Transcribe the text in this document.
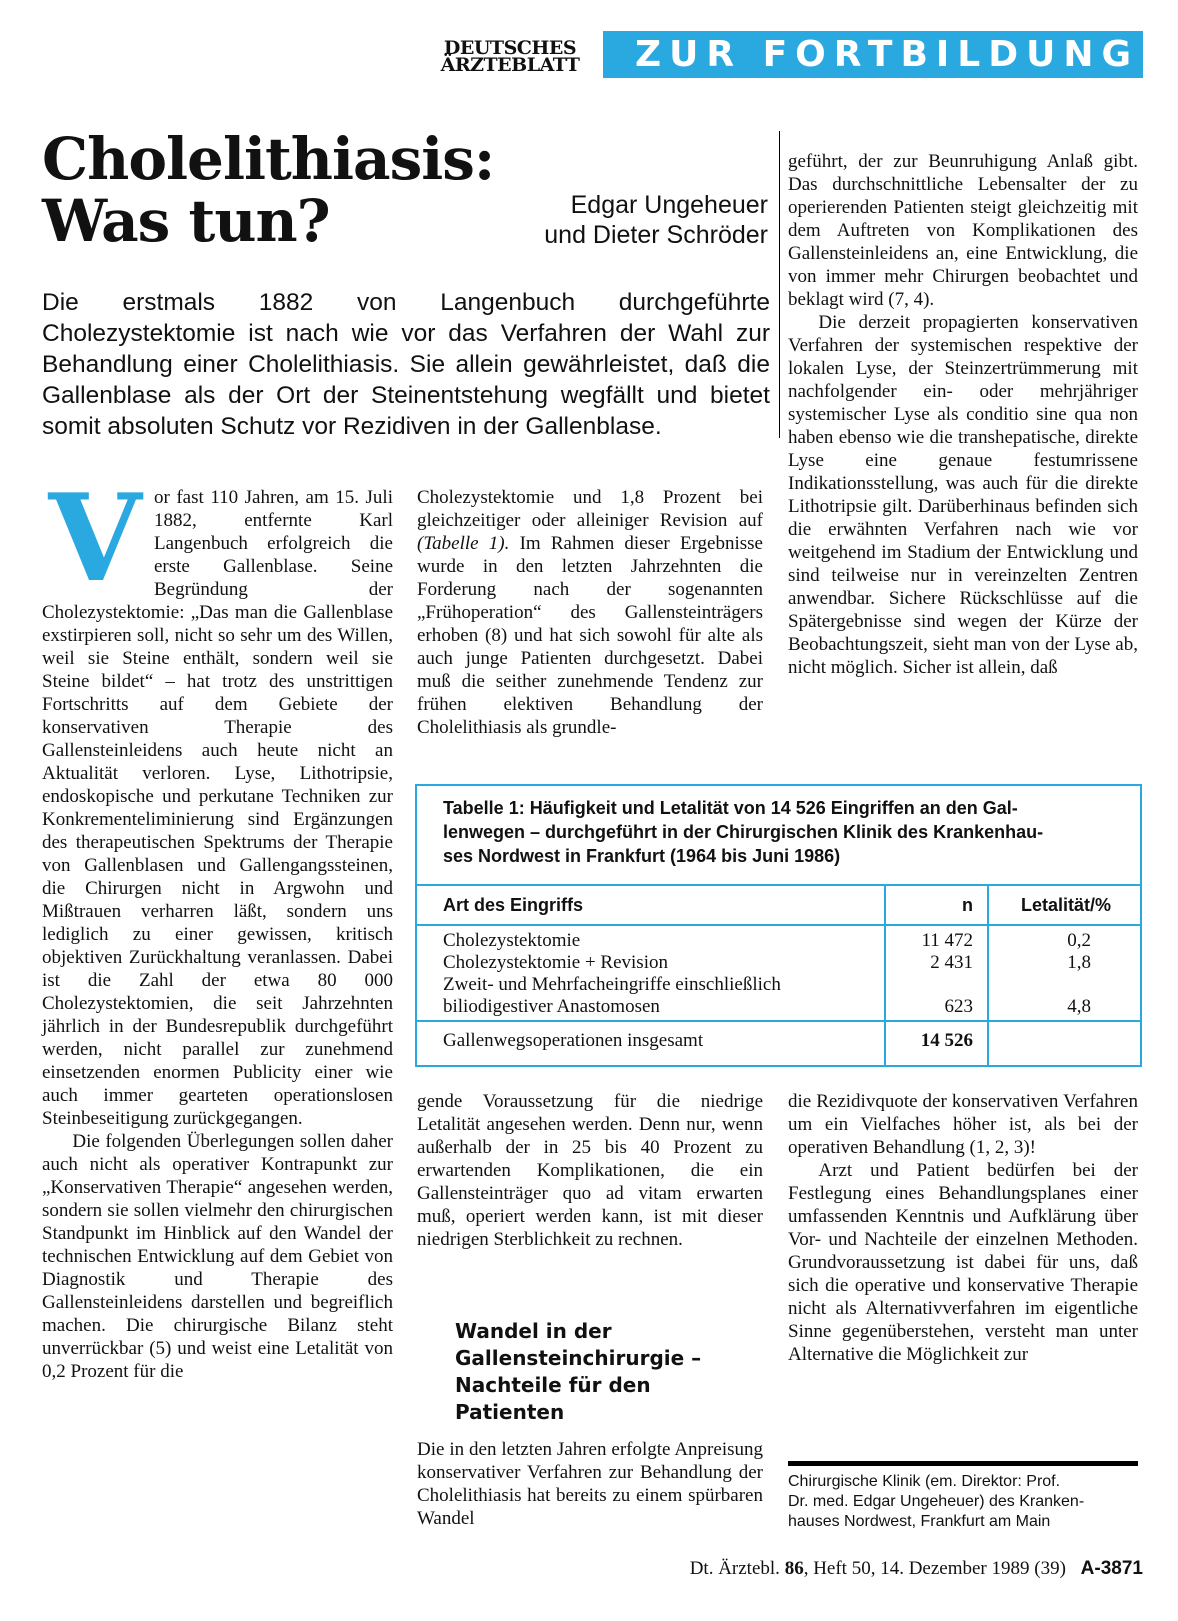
DEUTSCHES
ÄRZTEBLATT	ZUR FORTBILDUNG
Cholelithiasis:
Was tun?	Edgar Ungeheuer
und Dieter Schröder

Die erstmals 1882 von Langenbuch durchgeführte Cholezystektomie ist nach wie vor das Verfahren der Wahl zur Behandlung einer Cholelithiasis. Sie allein gewährleistet, daß die Gallenblase als der Ort der Steinentstehung wegfällt und bietet somit absoluten Schutz vor Rezidiven in der Gallenblase.

Vor fast 110 Jahren, am 15. Juli 1882, entfernte Karl Langenbuch erfolgreich die erste Gallenblase. Seine Begründung der Cholezystektomie: „Das man die Gallenblase exstirpieren soll, nicht so sehr um des Willen, weil sie Steine enthält, sondern weil sie Steine bildet“ – hat trotz des unstrittigen Fortschritts auf dem Gebiete der konservativen Therapie des Gallensteinleidens auch heute nicht an Aktualität verloren. Lyse, Lithotripsie, endoskopische und perkutane Techniken zur Konkrementeliminierung sind Ergänzungen des therapeutischen Spektrums der Therapie von Gallenblasen und Gallengangssteinen, die Chirurgen nicht in Argwohn und Mißtrauen verharren läßt, sondern uns lediglich zu einer gewissen, kritisch objektiven Zurückhaltung veranlassen. Dabei ist die Zahl der etwa 80 000 Cholezystektomien, die seit Jahrzehnten jährlich in der Bundesrepublik durchgeführt werden, nicht parallel zur zunehmend einsetzenden enormen Publicity einer wie auch immer gearteten operationslosen Steinbeseitigung zurückgegangen.

Die folgenden Überlegungen sollen daher auch nicht als operativer Kontrapunkt zur „Konservativen Therapie“ angesehen werden, sondern sie sollen vielmehr den chirurgischen Standpunkt im Hinblick auf den Wandel der technischen Entwicklung auf dem Gebiet von Diagnostik und Therapie des Gallensteinleidens darstellen und begreiflich machen. Die chirurgische Bilanz steht unverrückbar (5) und weist eine Letalität von 0,2 Prozent für die

Cholezystektomie und 1,8 Prozent bei gleichzeitiger oder alleiniger Revision auf (Tabelle 1). Im Rahmen dieser Ergebnisse wurde in den letzten Jahrzehnten die Forderung nach der sogenannten „Frühoperation“ des Gallensteinträgers erhoben (8) und hat sich sowohl für alte als auch junge Patienten durchgesetzt. Dabei muß die seither zunehmende Tendenz zur frühen elektiven Behandlung der Cholelithiasis als grundle-

geführt, der zur Beunruhigung Anlaß gibt. Das durchschnittliche Lebensalter der zu operierenden Patienten steigt gleichzeitig mit dem Auftreten von Komplikationen des Gallensteinleidens an, eine Entwicklung, die von immer mehr Chirurgen beobachtet und beklagt wird (7, 4).

Die derzeit propagierten konservativen Verfahren der systemischen respektive der lokalen Lyse, der Steinzertrümmerung mit nachfolgender ein- oder mehrjähriger systemischer Lyse als conditio sine qua non haben ebenso wie die transhepatische, direkte Lyse eine genaue festumrissene Indikationsstellung, was auch für die direkte Lithotripsie gilt. Darüberhinaus befinden sich die erwähnten Verfahren nach wie vor weitgehend im Stadium der Entwicklung und sind teilweise nur in vereinzelten Zentren anwendbar. Sichere Rückschlüsse auf die Spätergebnisse sind wegen der Kürze der Beobachtungszeit, sieht man von der Lyse ab, nicht möglich. Sicher ist allein, daß

Tabelle 1: Häufigkeit und Letalität von 14 526 Eingriffen an den Gal-
lenwegen – durchgeführt in der Chirurgischen Klinik des Krankenhau-
ses Nordwest in Frankfurt (1964 bis Juni 1986)
Art des Eingriffs	n	Letalität/%
Cholezystektomie	11 472	0,2
Cholezystektomie + Revision	2 431	1,8
Zweit- und Mehrfacheingriffe einschließlich
biliodigestiver Anastomosen	623	4,8
Gallenwegsoperationen insgesamt	14 526

gende Voraussetzung für die niedrige Letalität angesehen werden. Denn nur, wenn außerhalb der in 25 bis 40 Prozent zu erwartenden Komplikationen, die ein Gallensteinträger quo ad vitam erwarten muß, operiert werden kann, ist mit dieser niedrigen Sterblichkeit zu rechnen.

Wandel in der
Gallensteinchirurgie –
Nachteile für den
Patienten

Die in den letzten Jahren erfolgte Anpreisung konservativer Verfahren zur Behandlung der Cholelithiasis hat bereits zu einem spürbaren Wandel

die Rezidivquote der konservativen Verfahren um ein Vielfaches höher ist, als bei der operativen Behandlung (1, 2, 3)!

Arzt und Patient bedürfen bei der Festlegung eines Behandlungsplanes einer umfassenden Kenntnis und Aufklärung über Vor- und Nachteile der einzelnen Methoden. Grundvoraussetzung ist dabei für uns, daß sich die operative und konservative Therapie nicht als Alternativverfahren im eigentliche Sinne gegenüberstehen, versteht man unter Alternative die Möglichkeit zur

Chirurgische Klinik (em. Direktor: Prof.
Dr. med. Edgar Ungeheuer) des Kranken-
hauses Nordwest, Frankfurt am Main
Dt. Ärztebl. 86, Heft 50, 14. Dezember 1989 (39) A-3871
